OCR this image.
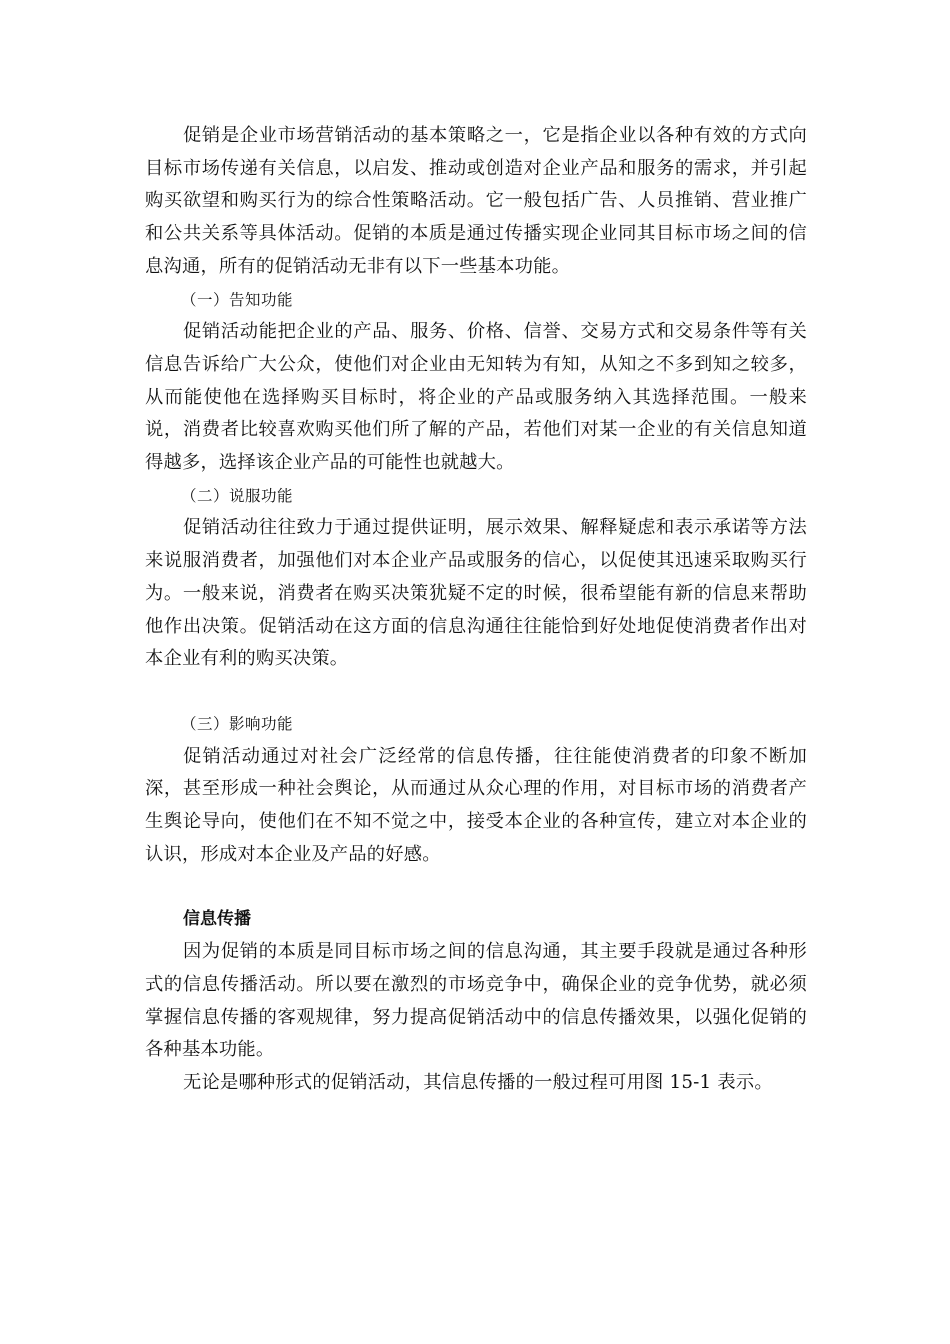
促销是企业市场营销活动的基本策略之一，它是指企业以各种有效的方式向目标市场传递有关信息，以启发、推动或创造对企业产品和服务的需求，并引起购买欲望和购买行为的综合性策略活动。它一般包括广告、人员推销、营业推广和公共关系等具体活动。促销的本质是通过传播实现企业同其目标市场之间的信息沟通，所有的促销活动无非有以下一些基本功能。

（一）告知功能

促销活动能把企业的产品、服务、价格、信誉、交易方式和交易条件等有关信息告诉给广大公众，使他们对企业由无知转为有知，从知之不多到知之较多，从而能使他在选择购买目标时，将企业的产品或服务纳入其选择范围。一般来说，消费者比较喜欢购买他们所了解的产品，若他们对某一企业的有关信息知道得越多，选择该企业产品的可能性也就越大。

（二）说服功能

促销活动往往致力于通过提供证明，展示效果、解释疑虑和表示承诺等方法来说服消费者，加强他们对本企业产品或服务的信心，以促使其迅速采取购买行为。一般来说，消费者在购买决策犹疑不定的时候，很希望能有新的信息来帮助他作出决策。促销活动在这方面的信息沟通往往能恰到好处地促使消费者作出对本企业有利的购买决策。

（三）影响功能

促销活动通过对社会广泛经常的信息传播，往往能使消费者的印象不断加深，甚至形成一种社会舆论，从而通过从众心理的作用，对目标市场的消费者产生舆论导向，使他们在不知不觉之中，接受本企业的各种宣传，建立对本企业的认识，形成对本企业及产品的好感。

信息传播

因为促销的本质是同目标市场之间的信息沟通，其主要手段就是通过各种形式的信息传播活动。所以要在激烈的市场竞争中，确保企业的竞争优势，就必须掌握信息传播的客观规律，努力提高促销活动中的信息传播效果，以强化促销的各种基本功能。

无论是哪种形式的促销活动，其信息传播的一般过程可用图 15-1 表示。
